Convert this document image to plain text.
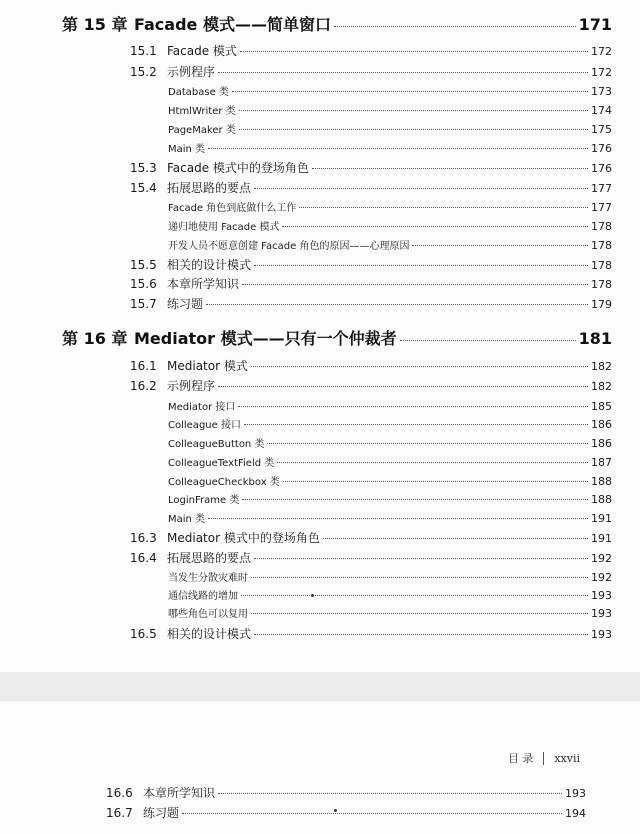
第 15 章 Facade 模式——简单窗口	171
15.1 Facade 模式	172
15.2 示例程序	172
Database 类	173
HtmlWriter 类	174
PageMaker 类	175
Main 类	176
15.3 Facade 模式中的登场角色	176
15.4 拓展思路的要点	177
Facade 角色到底做什么工作	177
递归地使用 Facade 模式	178
开发人员不愿意创建 Facade 角色的原因——心理原因	178
15.5 相关的设计模式	178
15.6 本章所学知识	178
15.7 练习题	179
第 16 章 Mediator 模式——只有一个仲裁者	181
16.1 Mediator 模式	182
16.2 示例程序	182
Mediator 接口	185
Colleague 接口	186
ColleagueButton 类	186
ColleagueTextField 类	187
ColleagueCheckbox 类	188
LoginFrame 类	188
Main 类	191
16.3 Mediator 模式中的登场角色	191
16.4 拓展思路的要点	192
当发生分散灾难时	192
通信线路的增加	193
哪些角色可以复用	193
16.5 相关的设计模式	193
16.6 本章所学知识	193
16.7 练习题	194
目 录 xxvii
